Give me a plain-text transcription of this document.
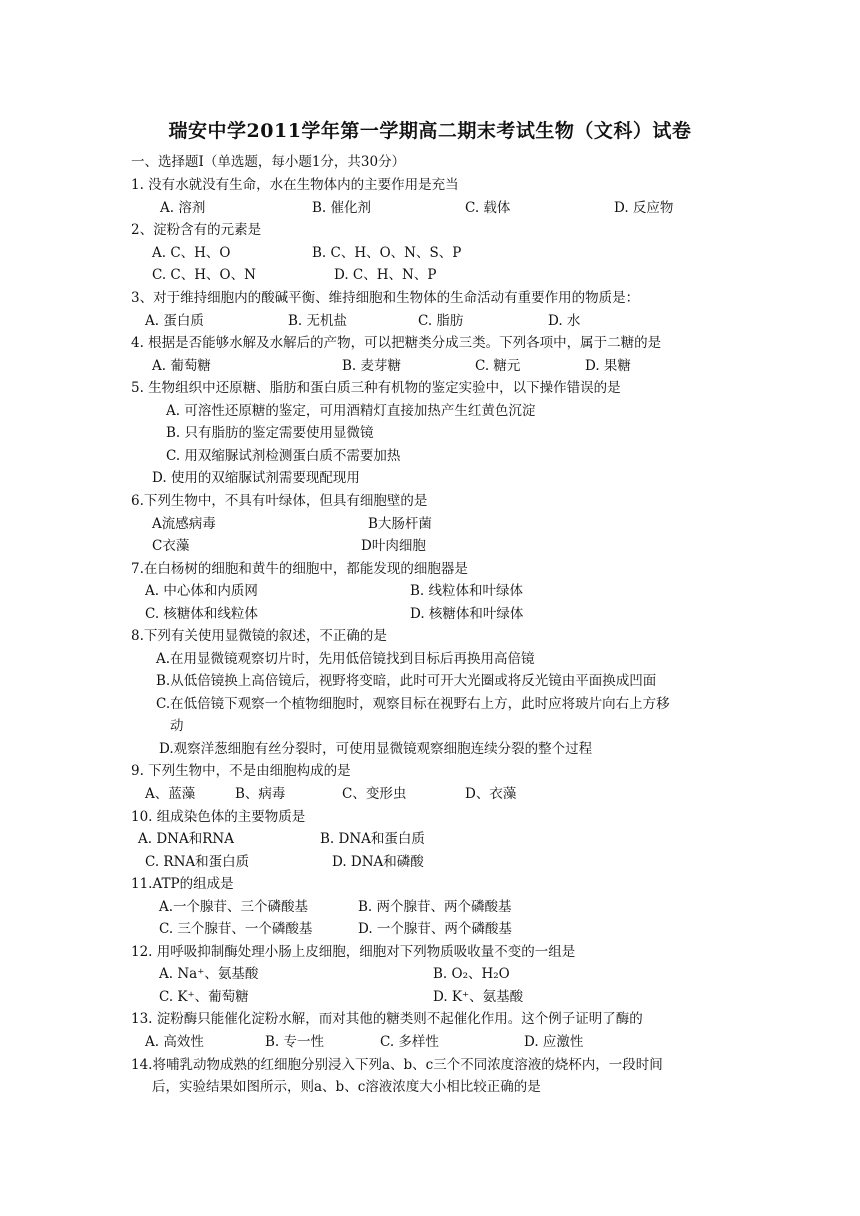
瑞安中学2011学年第一学期高二期末考试生物（文科）试卷
一、选择题Ⅰ（单选题，每小题1分，共30分）
1. 没有水就没有生命，水在生物体内的主要作用是充当
A. 溶剂	B. 催化剂	C. 载体	D. 反应物
2、淀粉含有的元素是
A. C、H、O	B. C、H、O、N、S、P
C. C、H、O、N	D. C、H、N、P
3、对于维持细胞内的酸碱平衡、维持细胞和生物体的生命活动有重要作用的物质是：
A. 蛋白质	B. 无机盐	C. 脂肪	D. 水
4. 根据是否能够水解及水解后的产物，可以把糖类分成三类。下列各项中，属于二糖的是
A. 葡萄糖	B. 麦芽糖	C. 糖元	D. 果糖
5. 生物组织中还原糖、脂肪和蛋白质三种有机物的鉴定实验中，以下操作错误的是
A. 可溶性还原糖的鉴定，可用酒精灯直接加热产生红黄色沉淀
B. 只有脂肪的鉴定需要使用显微镜
C. 用双缩脲试剂检测蛋白质不需要加热
D. 使用的双缩脲试剂需要现配现用
6.下列生物中，不具有叶绿体，但具有细胞壁的是
A流感病毒	B大肠杆菌
C衣藻	D叶肉细胞
7.在白杨树的细胞和黄牛的细胞中，都能发现的细胞器是
A. 中心体和内质网	B. 线粒体和叶绿体
C. 核糖体和线粒体	D. 核糖体和叶绿体
8.下列有关使用显微镜的叙述，不正确的是
A.在用显微镜观察切片时，先用低倍镜找到目标后再换用高倍镜
B.从低倍镜换上高倍镜后，视野将变暗，此时可开大光圈或将反光镜由平面换成凹面
C.在低倍镜下观察一个植物细胞时，观察目标在视野右上方，此时应将玻片向右上方移
动
D.观察洋葱细胞有丝分裂时，可使用显微镜观察细胞连续分裂的整个过程
9. 下列生物中，不是由细胞构成的是
A、蓝藻	B、病毒	C、变形虫	D、衣藻
10. 组成染色体的主要物质是
A. DNA和RNA	B. DNA和蛋白质
C. RNA和蛋白质	D. DNA和磷酸
11.ATP的组成是
A.一个腺苷、三个磷酸基	B. 两个腺苷、两个磷酸基
C. 三个腺苷、一个磷酸基	D. 一个腺苷、两个磷酸基
12. 用呼吸抑制酶处理小肠上皮细胞，细胞对下列物质吸收量不变的一组是
A. Na⁺、氨基酸	B. O₂、H₂O
C. K⁺、葡萄糖	D. K⁺、氨基酸
13. 淀粉酶只能催化淀粉水解，而对其他的糖类则不起催化作用。这个例子证明了酶的
A. 高效性	B. 专一性	C. 多样性	D. 应激性
14.将哺乳动物成熟的红细胞分别浸入下列a、b、c三个不同浓度溶液的烧杯内，一段时间
后，实验结果如图所示，则a、b、c溶液浓度大小相比较正确的是
